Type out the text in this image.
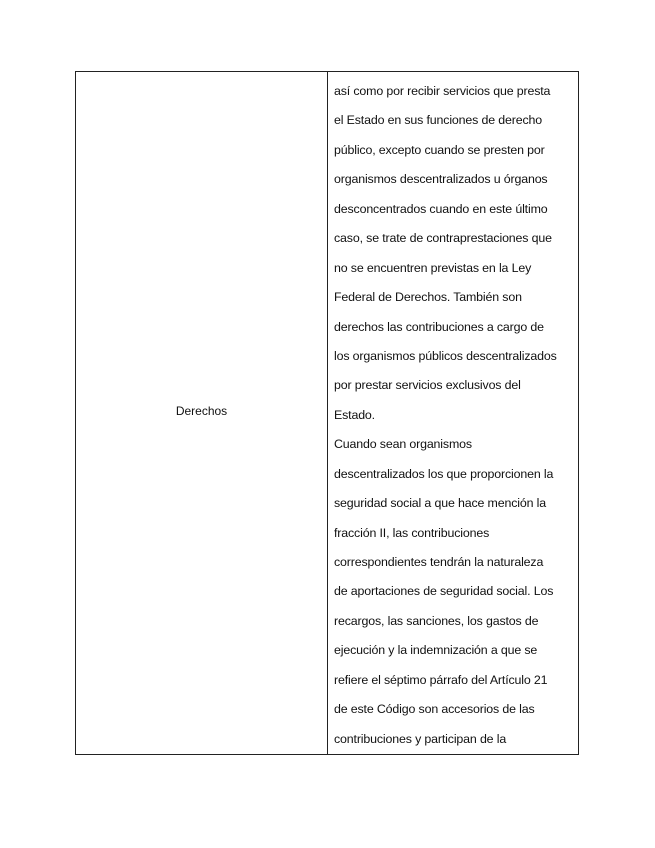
Derechos
así como por recibir servicios que presta
el Estado en sus funciones de derecho
público, excepto cuando se presten por
organismos descentralizados u órganos
desconcentrados cuando en este último
caso, se trate de contraprestaciones que
no se encuentren previstas en la Ley
Federal de Derechos. También son
derechos las contribuciones a cargo de
los organismos públicos descentralizados
por prestar servicios exclusivos del
Estado.
Cuando sean organismos
descentralizados los que proporcionen la
seguridad social a que hace mención la
fracción II, las contribuciones
correspondientes tendrán la naturaleza
de aportaciones de seguridad social. Los
recargos, las sanciones, los gastos de
ejecución y la indemnización a que se
refiere el séptimo párrafo del Artículo 21
de este Código son accesorios de las
contribuciones y participan de la
